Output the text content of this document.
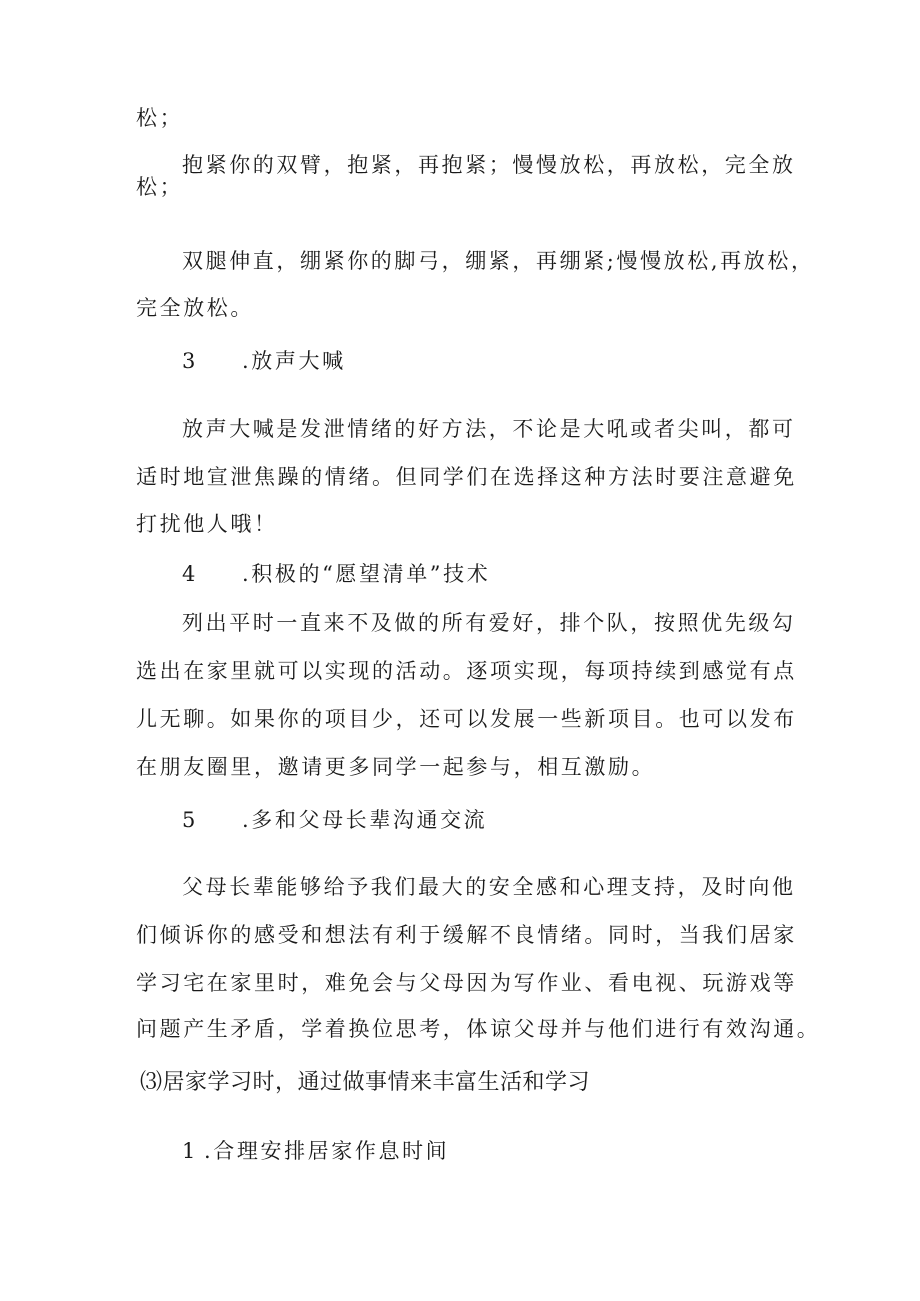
松；
抱紧你的双臂，抱紧，再抱紧；慢慢放松，再放松，完全放
松；
双腿伸直，绷紧你的脚弓，绷紧，再绷紧;慢慢放松,再放松，
完全放松。
3 .放声大喊
放声大喊是发泄情绪的好方法，不论是大吼或者尖叫，都可
适时地宣泄焦躁的情绪。但同学们在选择这种方法时要注意避免
打扰他人哦！
4 .积极的“愿望清单”技术
列出平时一直来不及做的所有爱好，排个队，按照优先级勾
选出在家里就可以实现的活动。逐项实现，每项持续到感觉有点
儿无聊。如果你的项目少，还可以发展一些新项目。也可以发布
在朋友圈里，邀请更多同学一起参与，相互激励。
5 .多和父母长辈沟通交流
父母长辈能够给予我们最大的安全感和心理支持，及时向他
们倾诉你的感受和想法有利于缓解不良情绪。同时，当我们居家
学习宅在家里时，难免会与父母因为写作业、看电视、玩游戏等
问题产生矛盾，学着换位思考，体谅父母并与他们进行有效沟通。
⑶居家学习时，通过做事情来丰富生活和学习
1 .合理安排居家作息时间
